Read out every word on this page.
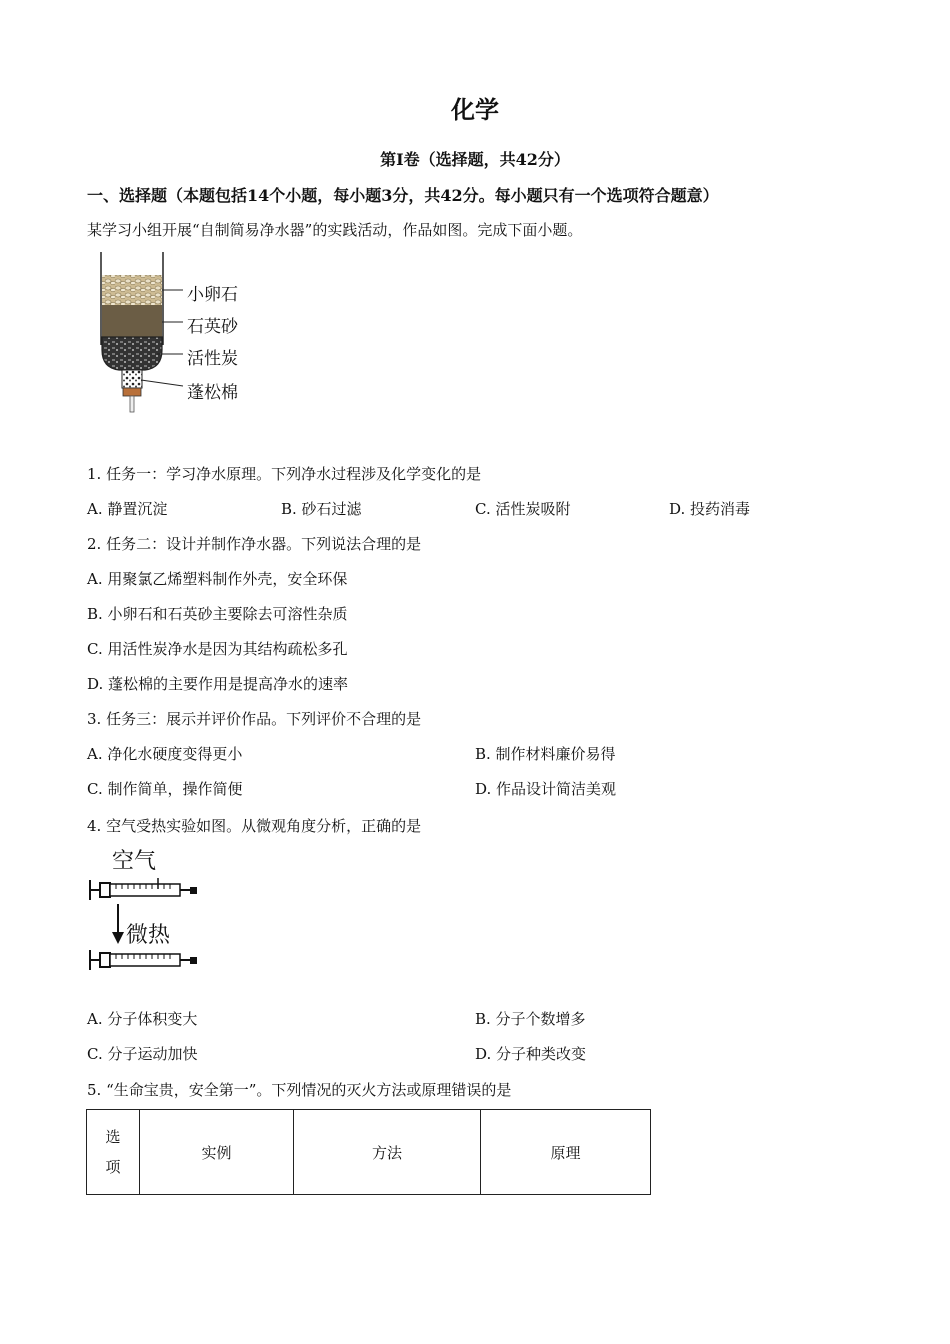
化学
第I卷（选择题，共42分）
一、选择题（本题包括14个小题，每小题3分，共42分。每小题只有一个选项符合题意）
某学习小组开展“自制简易净水器”的实践活动，作品如图。完成下面小题。
小卵石
石英砂
活性炭
蓬松棉
1. 任务一：学习净水原理。下列净水过程涉及化学变化的是
A. 静置沉淀	B. 砂石过滤	C. 活性炭吸附	D. 投药消毒
2. 任务二：设计并制作净水器。下列说法合理的是
A. 用聚氯乙烯塑料制作外壳，安全环保
B. 小卵石和石英砂主要除去可溶性杂质
C. 用活性炭净水是因为其结构疏松多孔
D. 蓬松棉的主要作用是提高净水的速率
3. 任务三：展示并评价作品。下列评价不合理的是
A. 净化水硬度变得更小	B. 制作材料廉价易得
C. 制作简单，操作简便	D. 作品设计简洁美观
4. 空气受热实验如图。从微观角度分析，正确的是
空气
微热
A. 分子体积变大	B. 分子个数增多
C. 分子运动加快	D. 分子种类改变
5. “生命宝贵，安全第一”。下列情况的灭火方法或原理错误的是
选
项
	实例	方法	原理
